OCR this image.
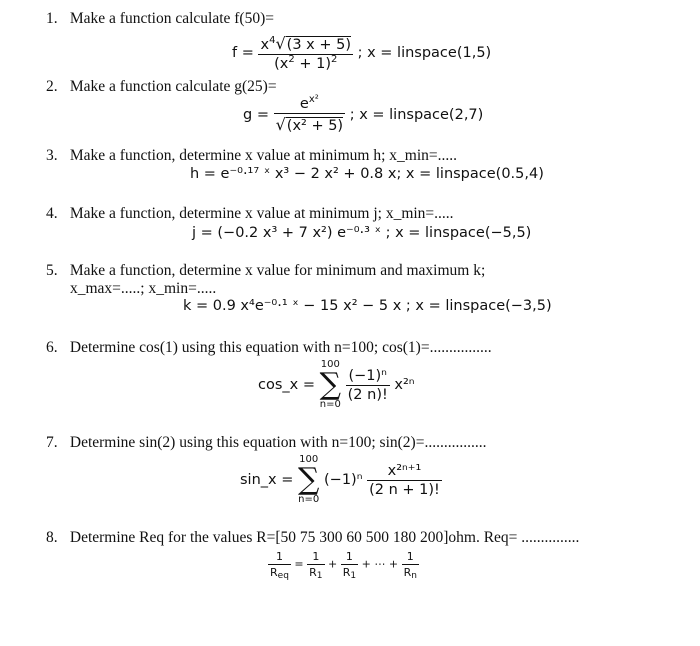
1. Make a function calculate f(50)=
$f = \frac{x^4√(3 x + 5)}{(x^2 + 1)^2}$ ; x = linspace(1,5)
2. Make a function calculate g(25)=
$g = \frac{e^{x^2}}{\text{√(x² + 5)}}$ ; x = linspace(2,7)
3. Make a function, determine x value at minimum h; x_min=.....
h = e⁻⁰·¹⁷ ˣ x³ − 2 x² + 0.8 x; x = linspace(0.5,4)
4. Make a function, determine x value at minimum j; x_min=.....
j = (−0.2 x³ + 7 x²) e⁻⁰·³ ˣ ; x = linspace(−5,5)
5. Make a function, determine x value for minimum and maximum k;
x_max=.....; x_min=.....
k = 0.9 x⁴e⁻⁰·¹ ˣ − 15 x² − 5 x ; x = linspace(−3,5)
6. Determine cos(1) using this equation with n=100; cos(1)=................
cos_x =
100
∑
n=0

$\frac{\text{(−1)ⁿ}}{(2 n)!} x^{2n}$
7. Determine sin(2) using this equation with n=100; sin(2)=................
sin_x =
100
∑
n=0
$(-1)^n \frac{\text{x²ⁿ⁺¹}}{(2 n + 1)!}$
8. Determine Req for the values R=[50 75 300 60 500 180 200]ohm. Req= ...............
$\frac{1}{R_{eq}} = \frac{1}{R_1} + \frac{1}{R_1}$ + ⋯ + $\frac{1}{R_n}$
